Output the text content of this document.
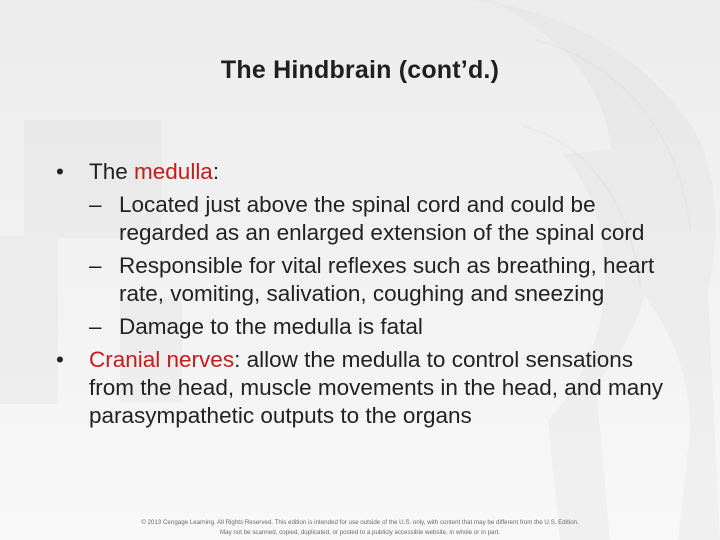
The Hindbrain (cont’d.)
•	The medulla:
– Located just above the spinal cord and could be regarded as an enlarged extension of the spinal cord
– Responsible for vital reflexes such as breathing, heart rate, vomiting, salivation, coughing and sneezing
– Damage to the medulla is fatal
•	Cranial nerves: allow the medulla to control sensations from the head, muscle movements in the head, and many parasympathetic outputs to the organs
© 2013 Cengage Learning. All Rights Reserved. This edition is intended for use outside of the U.S. only, with content that may be different from the U.S. Edition.
May not be scanned, copied, duplicated, or posted to a publicly accessible website, in whole or in part.
